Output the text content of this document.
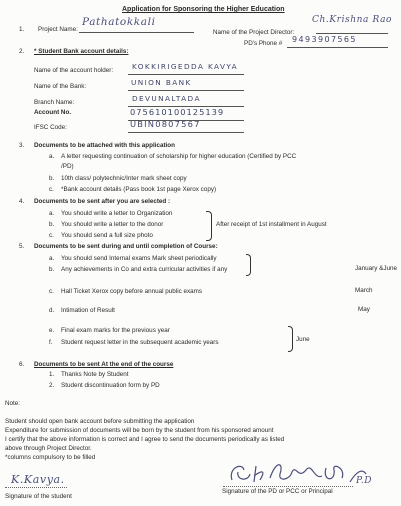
Application for Sponsoring the Higher Education
1. Project Name:
Pathatokkali
Name of the Project Director:
Ch.Krishna Rao
PD's Phone # 9493907565
2. * Student Bank account details:
Name of the account holder:	KOKKIRIGEDDA KAVYA
Name of the Bank:	UNION BANK
Branch Name:	DEVUNALTADA
Account No.	075610100125139
IFSC Code:	UBIN0807567
3. Documents to be attached with this application
a. A letter requesting continuation of scholarship for higher education (Certified by PCC
/PD)
b. 10th class/ polytechnic/Inter mark sheet copy
c. *Bank account details (Pass book 1st page Xerox copy)
4. Documents to be sent after you are selected :
a. You should write a letter to Organization
b. You should write a letter to the donor
c. You should send a full size photo
After receipt of 1st installment in August
5. Documents to be sent during and until completion of Course:
a. You should send Internal exams Mark sheet periodically
b. Any achievements in Co and extra curricular activities if any	January &June
c. Hall Ticket Xerox copy before annual public exams	March
d. Intimation of Result	May
e. Final exam marks for the previous year
f. Student request letter in the subsequent academic years	June
6. Documents to be sent At the end of the course
1. Thanks Note by Student
2. Student discontinuation form by PD
Note:
Student should open bank account before submitting the application
Expenditure for submission of documents will be born by the student from his sponsored amount
I certify that the above information is correct and I agree to send the documents periodically as listed
above through Project Director.
*columns compulsory to be filled
K.Kavya.
Signature of the student
P.D
Signature of the PD or PCC or Principal
